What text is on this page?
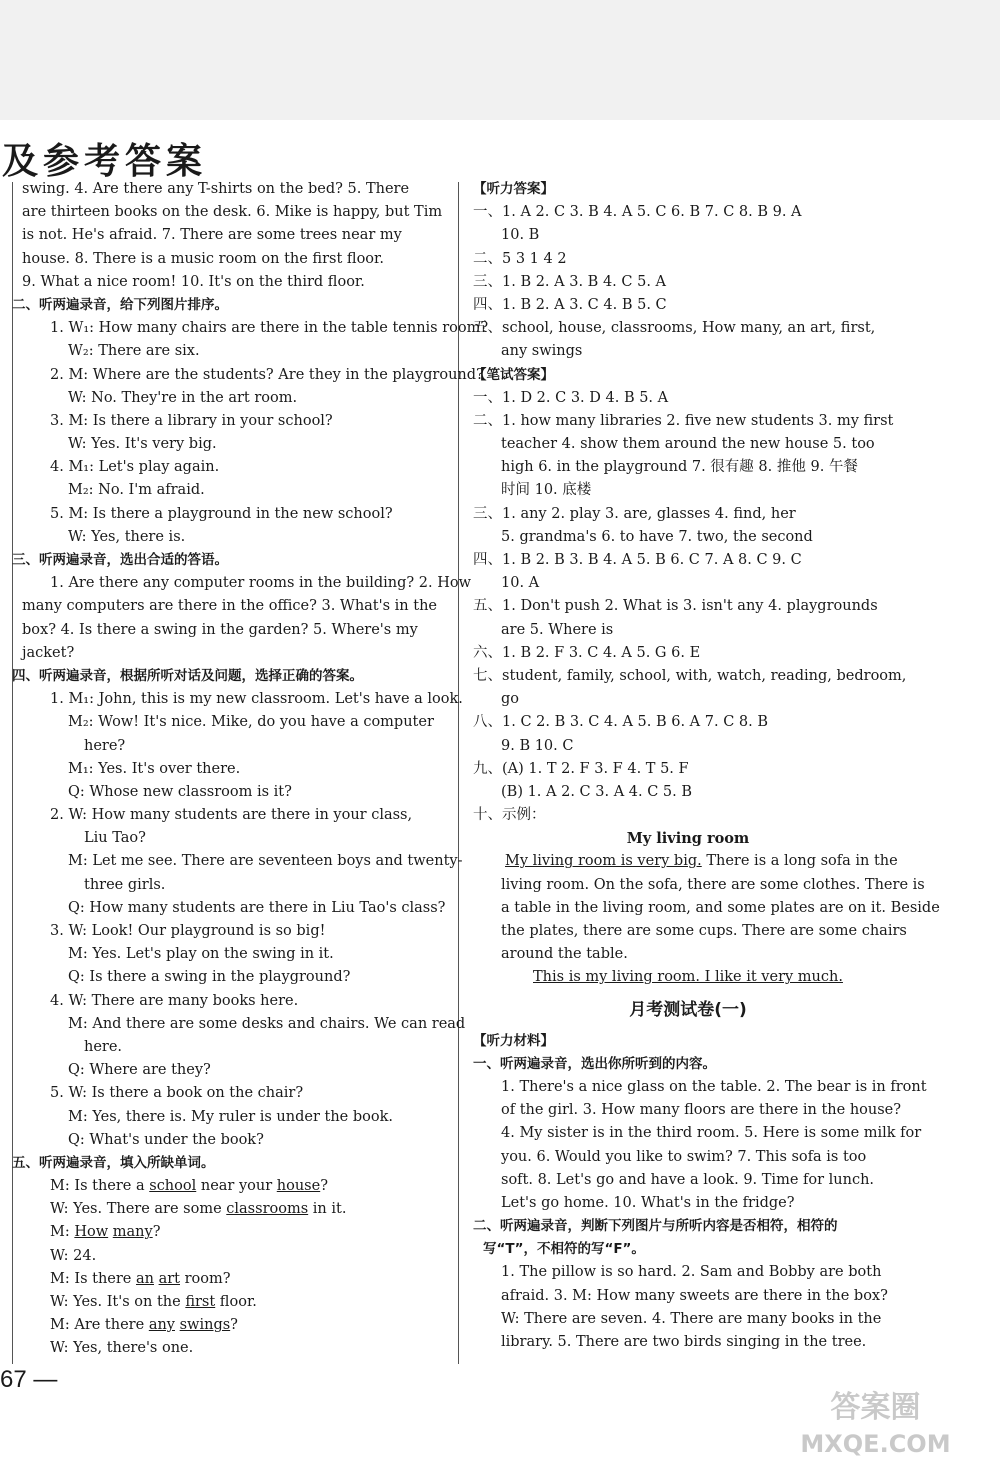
及参考答案
swing. 4. Are there any T-shirts on the bed? 5. There
are thirteen books on the desk. 6. Mike is happy, but Tim
is not. He's afraid. 7. There are some trees near my
house. 8. There is a music room on the first floor.
9. What a nice room! 10. It's on the third floor.
二、听两遍录音，给下列图片排序。
1. W₁: How many chairs are there in the table tennis room?
W₂: There are six.
2. M: Where are the students? Are they in the playground?
W: No. They're in the art room.
3. M: Is there a library in your school?
W: Yes. It's very big.
4. M₁: Let's play again.
M₂: No. I'm afraid.
5. M: Is there a playground in the new school?
W: Yes, there is.
三、听两遍录音，选出合适的答语。
1. Are there any computer rooms in the building? 2. How
many computers are there in the office? 3. What's in the
box? 4. Is there a swing in the garden? 5. Where's my
jacket?
四、听两遍录音，根据所听对话及问题，选择正确的答案。
1. M₁: John, this is my new classroom. Let's have a look.
M₂: Wow! It's nice. Mike, do you have a computer
here?
M₁: Yes. It's over there.
Q: Whose new classroom is it?
2. W: How many students are there in your class,
Liu Tao?
M: Let me see. There are seventeen boys and twenty-
three girls.
Q: How many students are there in Liu Tao's class?
3. W: Look! Our playground is so big!
M: Yes. Let's play on the swing in it.
Q: Is there a swing in the playground?
4. W: There are many books here.
M: And there are some desks and chairs. We can read
here.
Q: Where are they?
5. W: Is there a book on the chair?
M: Yes, there is. My ruler is under the book.
Q: What's under the book?
五、听两遍录音，填入所缺单词。
M: Is there a school near your house?
W: Yes. There are some classrooms in it.
M: How many?
W: 24.
M: Is there an art room?
W: Yes. It's on the first floor.
M: Are there any swings?
W: Yes, there's one.
【听力答案】
一、1. A 2. C 3. B 4. A 5. C 6. B 7. C 8. B 9. A
10. B
二、5 3 1 4 2
三、1. B 2. A 3. B 4. C 5. A
四、1. B 2. A 3. C 4. B 5. C
五、school, house, classrooms, How many, an art, first,
any swings
【笔试答案】
一、1. D 2. C 3. D 4. B 5. A
二、1. how many libraries 2. five new students 3. my first
teacher 4. show them around the new house 5. too
high 6. in the playground 7. 很有趣 8. 推他 9. 午餐
时间 10. 底楼
三、1. any 2. play 3. are, glasses 4. find, her
5. grandma's 6. to have 7. two, the second
四、1. B 2. B 3. B 4. A 5. B 6. C 7. A 8. C 9. C
10. A
五、1. Don't push 2. What is 3. isn't any 4. playgrounds
are 5. Where is
六、1. B 2. F 3. C 4. A 5. G 6. E
七、student, family, school, with, watch, reading, bedroom,
go
八、1. C 2. B 3. C 4. A 5. B 6. A 7. C 8. B
9. B 10. C
九、(A) 1. T 2. F 3. F 4. T 5. F
(B) 1. A 2. C 3. A 4. C 5. B
十、示例：
My living room
My living room is very big. There is a long sofa in the
living room. On the sofa, there are some clothes. There is
a table in the living room, and some plates are on it. Beside
the plates, there are some cups. There are some chairs
around the table.
This is my living room. I like it very much.
月考测试卷(一)
【听力材料】
一、听两遍录音，选出你所听到的内容。
1. There's a nice glass on the table. 2. The bear is in front
of the girl. 3. How many floors are there in the house?
4. My sister is in the third room. 5. Here is some milk for
you. 6. Would you like to swim? 7. This sofa is too
soft. 8. Let's go and have a look. 9. Time for lunch.
Let's go home. 10. What's in the fridge?
二、听两遍录音，判断下列图片与所听内容是否相符，相符的
写“T”，不相符的写“F”。
1. The pillow is so hard. 2. Sam and Bobby are both
afraid. 3. M: How many sweets are there in the box?
W: There are seven. 4. There are many books in the
library. 5. There are two birds singing in the tree.
67 —
答案圈
MXQE.COM
